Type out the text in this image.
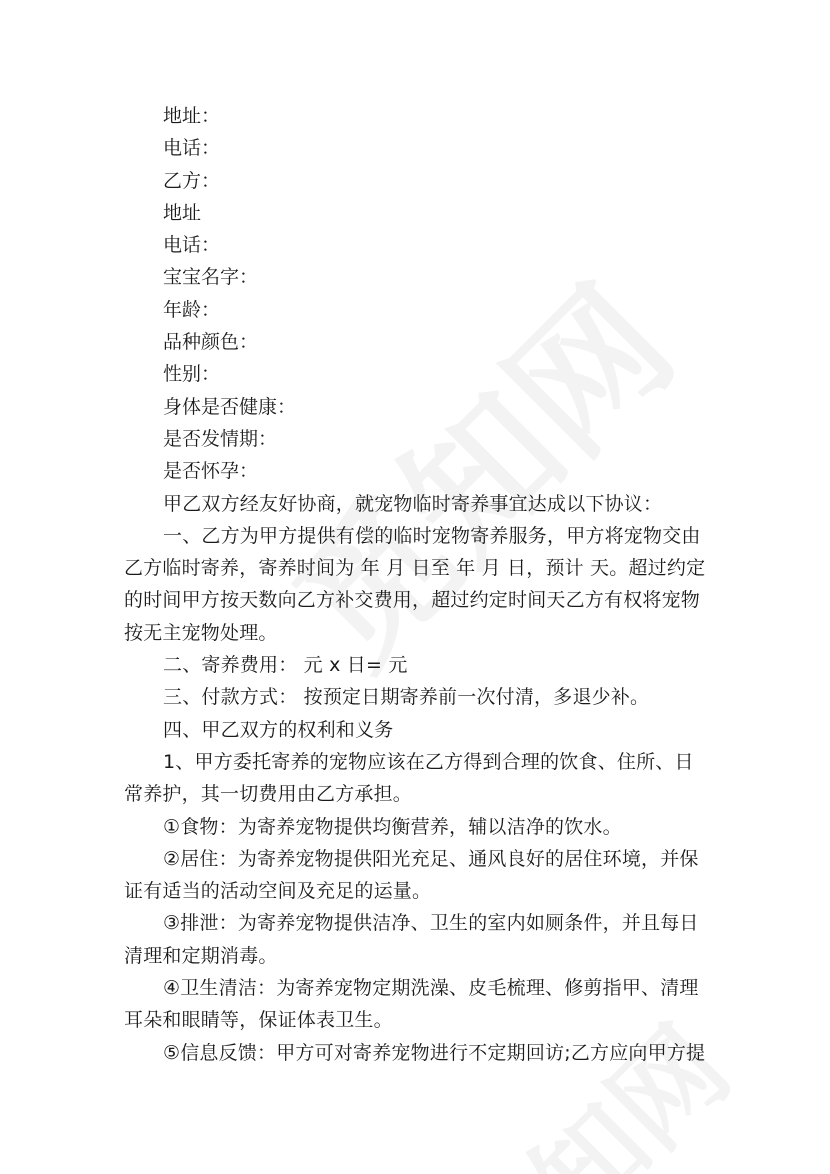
地址：

电话：

乙方：

地址

电话：

宝宝名字：

年龄：

品种颜色：

性别：

身体是否健康：

是否发情期：

是否怀孕：

甲乙双方经友好协商，就宠物临时寄养事宜达成以下协议：

一、乙方为甲方提供有偿的临时宠物寄养服务，甲方将宠物交由乙方临时寄养，寄养时间为 年 月 日至 年 月 日，预计 天。超过约定的时间甲方按天数向乙方补交费用，超过约定时间天乙方有权将宠物按无主宠物处理。

二、寄养费用： 元 x 日= 元

三、付款方式： 按预定日期寄养前一次付清，多退少补。

四、甲乙双方的权利和义务

1、甲方委托寄养的宠物应该在乙方得到合理的饮食、住所、日常养护，其一切费用由乙方承担。

①食物：为寄养宠物提供均衡营养，辅以洁净的饮水。

②居住：为寄养宠物提供阳光充足、通风良好的居住环境，并保证有适当的活动空间及充足的运量。

③排泄：为寄养宠物提供洁净、卫生的室内如厕条件，并且每日清理和定期消毒。

④卫生清洁：为寄养宠物定期洗澡、皮毛梳理、修剪指甲、清理耳朵和眼睛等，保证体表卫生。

⑤信息反馈：甲方可对寄养宠物进行不定期回访;乙方应向甲方提
